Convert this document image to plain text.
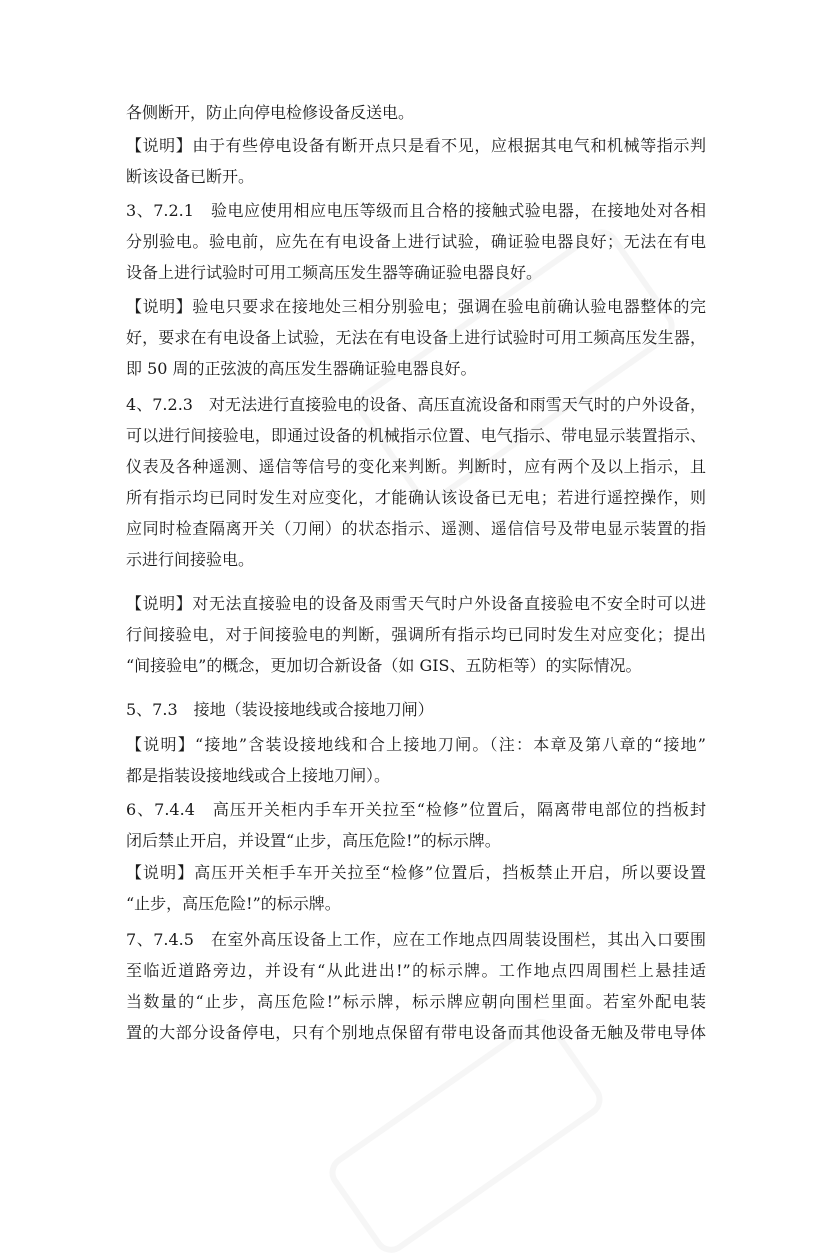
各侧断开，防止向停电检修设备反送电。
【说明】由于有些停电设备有断开点只是看不见，应根据其电气和机械等指示判
断该设备已断开。
3、7.2.1　验电应使用相应电压等级而且合格的接触式验电器，在接地处对各相
分别验电。验电前，应先在有电设备上进行试验，确证验电器良好；无法在有电
设备上进行试验时可用工频高压发生器等确证验电器良好。
【说明】验电只要求在接地处三相分别验电；强调在验电前确认验电器整体的完
好，要求在有电设备上试验，无法在有电设备上进行试验时可用工频高压发生器，
即 50 周的正弦波的高压发生器确证验电器良好。
4、7.2.3　对无法进行直接验电的设备、高压直流设备和雨雪天气时的户外设备，
可以进行间接验电，即通过设备的机械指示位置、电气指示、带电显示装置指示、
仪表及各种遥测、遥信等信号的变化来判断。判断时，应有两个及以上指示，且
所有指示均已同时发生对应变化，才能确认该设备已无电；若进行遥控操作，则
应同时检查隔离开关（刀闸）的状态指示、遥测、遥信信号及带电显示装置的指
示进行间接验电。
【说明】对无法直接验电的设备及雨雪天气时户外设备直接验电不安全时可以进
行间接验电，对于间接验电的判断，强调所有指示均已同时发生对应变化；提出
“间接验电”的概念，更加切合新设备（如 GIS、五防柜等）的实际情况。
5、7.3　接地（装设接地线或合接地刀闸）
【说明】“接地”含装设接地线和合上接地刀闸。（注：本章及第八章的“接地”
都是指装设接地线或合上接地刀闸）。
6、7.4.4　高压开关柜内手车开关拉至“检修”位置后，隔离带电部位的挡板封
闭后禁止开启，并设置“止步，高压危险!”的标示牌。
【说明】高压开关柜手车开关拉至“检修”位置后，挡板禁止开启，所以要设置
“止步，高压危险!”的标示牌。
7、7.4.5　在室外高压设备上工作，应在工作地点四周装设围栏，其出入口要围
至临近道路旁边，并设有“从此进出!”的标示牌。工作地点四周围栏上悬挂适
当数量的“止步，高压危险!”标示牌，标示牌应朝向围栏里面。若室外配电装
置的大部分设备停电，只有个别地点保留有带电设备而其他设备无触及带电导体
